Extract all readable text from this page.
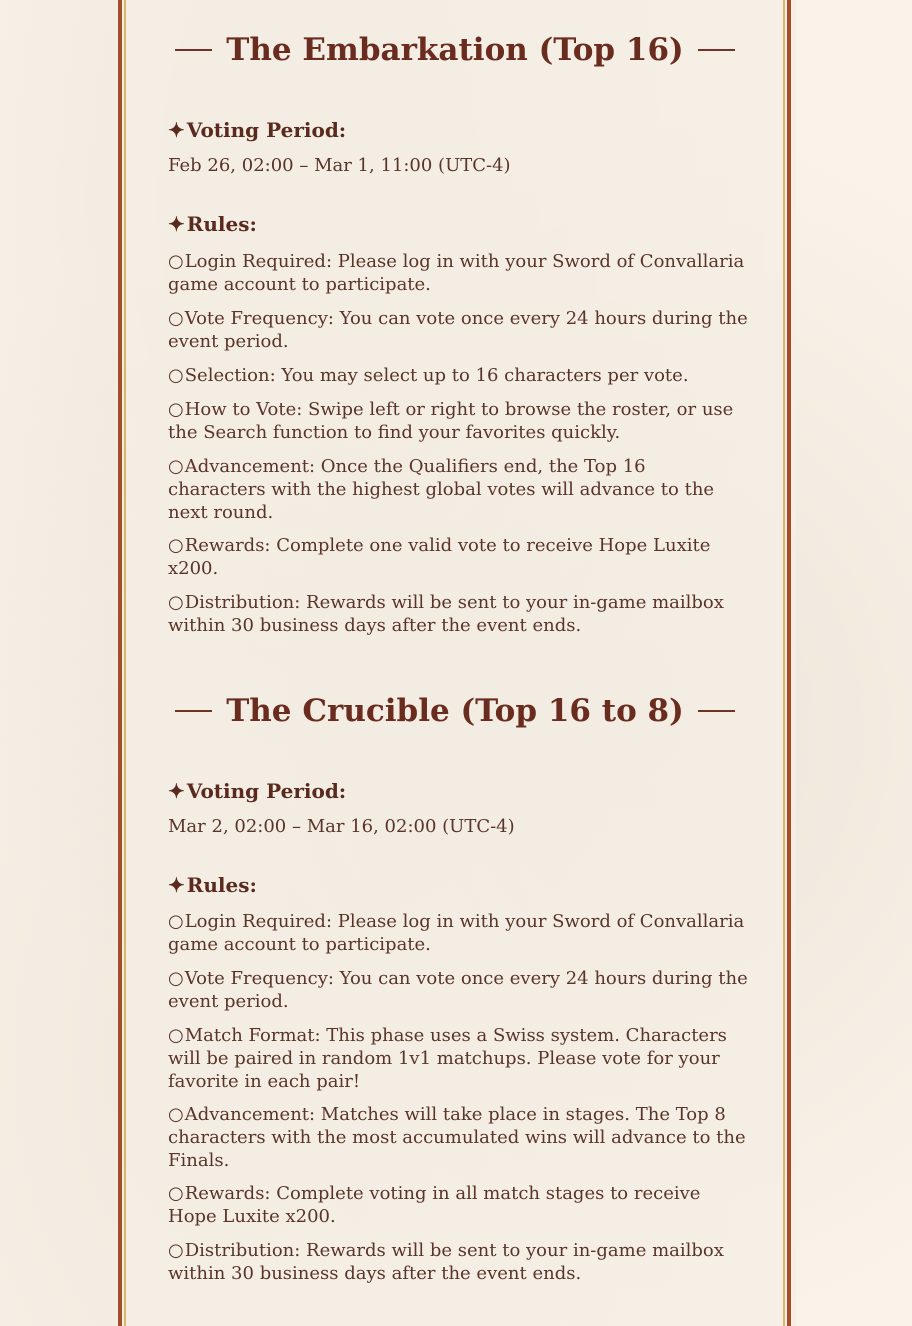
The Embarkation (Top 16)
✦ Voting Period:
Feb 26, 02:00 – Mar 1, 11:00 (UTC-4)
✦ Rules:
○Login Required: Please log in with your Sword of Convallaria game account to participate.
○Vote Frequency: You can vote once every 24 hours during the event period.
○Selection: You may select up to 16 characters per vote.
○How to Vote: Swipe left or right to browse the roster, or use the Search function to find your favorites quickly.
○Advancement: Once the Qualifiers end, the Top 16 characters with the highest global votes will advance to the next round.
○Rewards: Complete one valid vote to receive Hope Luxite x200.
○Distribution: Rewards will be sent to your in-game mailbox within 30 business days after the event ends.
The Crucible (Top 16 to 8)
✦ Voting Period:
Mar 2, 02:00 – Mar 16, 02:00 (UTC-4)
✦ Rules:
○Login Required: Please log in with your Sword of Convallaria game account to participate.
○Vote Frequency: You can vote once every 24 hours during the event period.
○Match Format: This phase uses a Swiss system. Characters will be paired in random 1v1 matchups. Please vote for your favorite in each pair!
○Advancement: Matches will take place in stages. The Top 8 characters with the most accumulated wins will advance to the Finals.
○Rewards: Complete voting in all match stages to receive Hope Luxite x200.
○Distribution: Rewards will be sent to your in-game mailbox within 30 business days after the event ends.
